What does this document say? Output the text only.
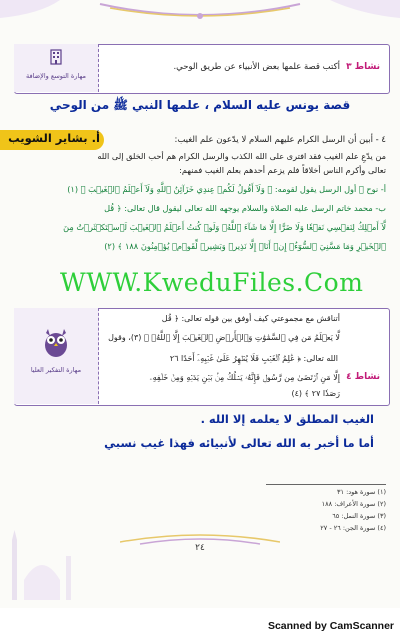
مهارة التوسع والإضافة
نشاط ٣
أكتب قصة علمها بعض الأنبياء عن طريق الوحي.
قصة يونس عليه السلام ، علمها النبي ﷺ من الوحي
أ. بشاير الشويب	٤ - أبين أن الرسل الكرام عليهم السلام لا يدّعون علم الغيب:
من يدّعِ علم الغيب فقد افترى على الله الكذب والرسل الكرام هم أحب الخلق إلى الله
تعالى وأكرم الناس أخلاقاً فلم يزعم أحدهم بعلم الغيب فمنهم:
أ- نوح ﷺ أول الرسل يقول لقومه: ﴿ وَلَآ أَقُولُ لَكُمۡ عِندِي خَزَآئِنُ ٱللَّهِ وَلَآ أَعۡلَمُ ٱلۡغَيۡبَ ﴾ (١)
ب- محمد خاتم الرسل عليه الصلاة والسلام يوجهه الله تعالى ليقول قال تعالى: ﴿ قُل
لَّآ أَمۡلِكُ لِنَفۡسِي نَفۡعٗا وَلَا ضَرًّا إِلَّا مَا شَآءَ ٱللَّهُۚ وَلَوۡ كُنتُ أَعۡلَمُ ٱلۡغَيۡبَ لَٱسۡتَكۡثَرۡتُ مِنَ
ٱلۡخَيۡرِ وَمَا مَسَّنِيَ ٱلسُّوٓءُۚ إِنۡ أَنَا۠ إِلَّا نَذِيرٞ وَبَشِيرٞ لِّقَوۡمٖ يُؤۡمِنُونَ ١٨٨ ﴾ (٢)
WWW.KweduFiles.Com
مهارة التفكير العليا
نشاط ٤
أتناقش مع مجموعتي كيف أوفق بين قوله تعالى: ﴿ قُل
لَّا يَعۡلَمُ مَن فِي ٱلسَّمَٰوَٰتِ وَٱلۡأَرۡضِ ٱلۡغَيۡبَ إِلَّا ٱللَّهُۚ ﴾ (٣)، وقول
الله تعالى: ﴿ عَٰلِمُ ٱلۡغَيۡبِ فَلَا يُظۡهِرُ عَلَىٰ غَيۡبِهِۦٓ أَحَدًا ٢٦
إِلَّا مَنِ ٱرۡتَضَىٰ مِن رَّسُولٖ فَإِنَّهُۥ يَسۡلُكُ مِنۢ بَيۡنِ يَدَيۡهِ وَمِنۡ خَلۡفِهِۦ
رَصَدٗا ٢٧ ﴾ (٤)
الغيب المطلق لا يعلمه إلا الله .
أما ما أخبر به الله تعالى لأنبيائه فهذا غيب نسبي
(١) سورة هود: ٣١
(٢) سورة الأعراف: ١٨٨
(٣) سورة النمل: ٦٥
(٤) سورة الجن: ٢٦ - ٢٧
٢٤
Scanned by CamScanner
